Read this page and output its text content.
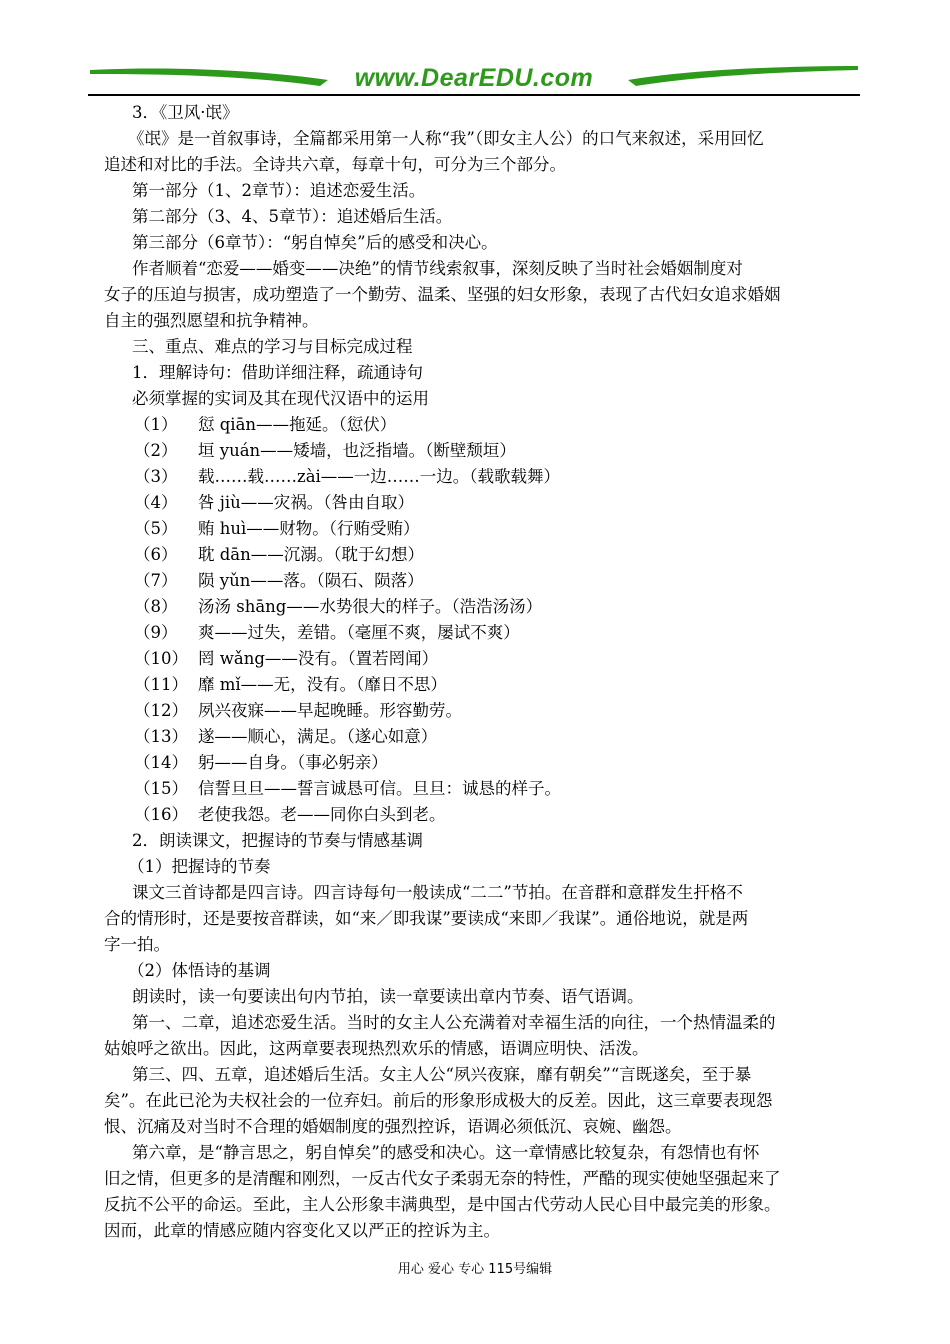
www.DearEDU.com
3．《卫风·氓》
《氓》是一首叙事诗，全篇都采用第一人称“我”（即女主人公）的口气来叙述，采用回忆
追述和对比的手法。全诗共六章，每章十句，可分为三个部分。
第一部分（1、2章节）：追述恋爱生活。
第二部分（3、4、5章节）：追述婚后生活。
第三部分（6章节）：“躬自悼矣”后的感受和决心。
作者顺着“恋爱——婚变——决绝”的情节线索叙事，深刻反映了当时社会婚姻制度对
女子的压迫与损害，成功塑造了一个勤劳、温柔、坚强的妇女形象，表现了古代妇女追求婚姻
自主的强烈愿望和抗争精神。
三、重点、难点的学习与目标完成过程
1．理解诗句：借助详细注释，疏通诗句
必须掌握的实词及其在现代汉语中的运用
（1）	愆 qiān——拖延。（愆伏）
（2）	垣 yuán——矮墙，也泛指墙。（断壁颓垣）
（3）	载……载……zài——一边……一边。（载歌载舞）
（4）	咎 jiù——灾祸。（咎由自取）
（5）	贿 huì——财物。（行贿受贿）
（6）	耽 dān——沉溺。（耽于幻想）
（7）	陨 yǔn——落。（陨石、陨落）
（8）	汤汤 shāng——水势很大的样子。（浩浩汤汤）
（9）	爽——过失，差错。（毫厘不爽，屡试不爽）
（10） 罔 wǎng——没有。（置若罔闻）
（11） 靡 mǐ——无，没有。（靡日不思）
（12） 夙兴夜寐——早起晚睡。形容勤劳。
（13） 遂——顺心，满足。（遂心如意）
（14） 躬——自身。（事必躬亲）
（15） 信誓旦旦——誓言诚恳可信。旦旦：诚恳的样子。
（16） 老使我怨。老——同你白头到老。
2．朗读课文，把握诗的节奏与情感基调
（1）把握诗的节奏
课文三首诗都是四言诗。四言诗每句一般读成“二二”节拍。在音群和意群发生扞格不
合的情形时，还是要按音群读，如“来／即我谋”要读成“来即／我谋”。通俗地说，就是两
字一拍。
（2）体悟诗的基调
朗读时，读一句要读出句内节拍，读一章要读出章内节奏、语气语调。
第一、二章，追述恋爱生活。当时的女主人公充满着对幸福生活的向往，一个热情温柔的
姑娘呼之欲出。因此，这两章要表现热烈欢乐的情感，语调应明快、活泼。
第三、四、五章，追述婚后生活。女主人公“夙兴夜寐，靡有朝矣”“言既遂矣，至于暴
矣”。在此已沦为夫权社会的一位弃妇。前后的形象形成极大的反差。因此，这三章要表现怨
恨、沉痛及对当时不合理的婚姻制度的强烈控诉，语调必须低沉、哀婉、幽怨。
第六章，是“静言思之，躬自悼矣”的感受和决心。这一章情感比较复杂，有怨情也有怀
旧之情，但更多的是清醒和刚烈，一反古代女子柔弱无奈的特性，严酷的现实使她坚强起来了
反抗不公平的命运。至此，主人公形象丰满典型，是中国古代劳动人民心目中最完美的形象。
因而，此章的情感应随内容变化又以严正的控诉为主。
用心 爱心 专心 115号编辑
